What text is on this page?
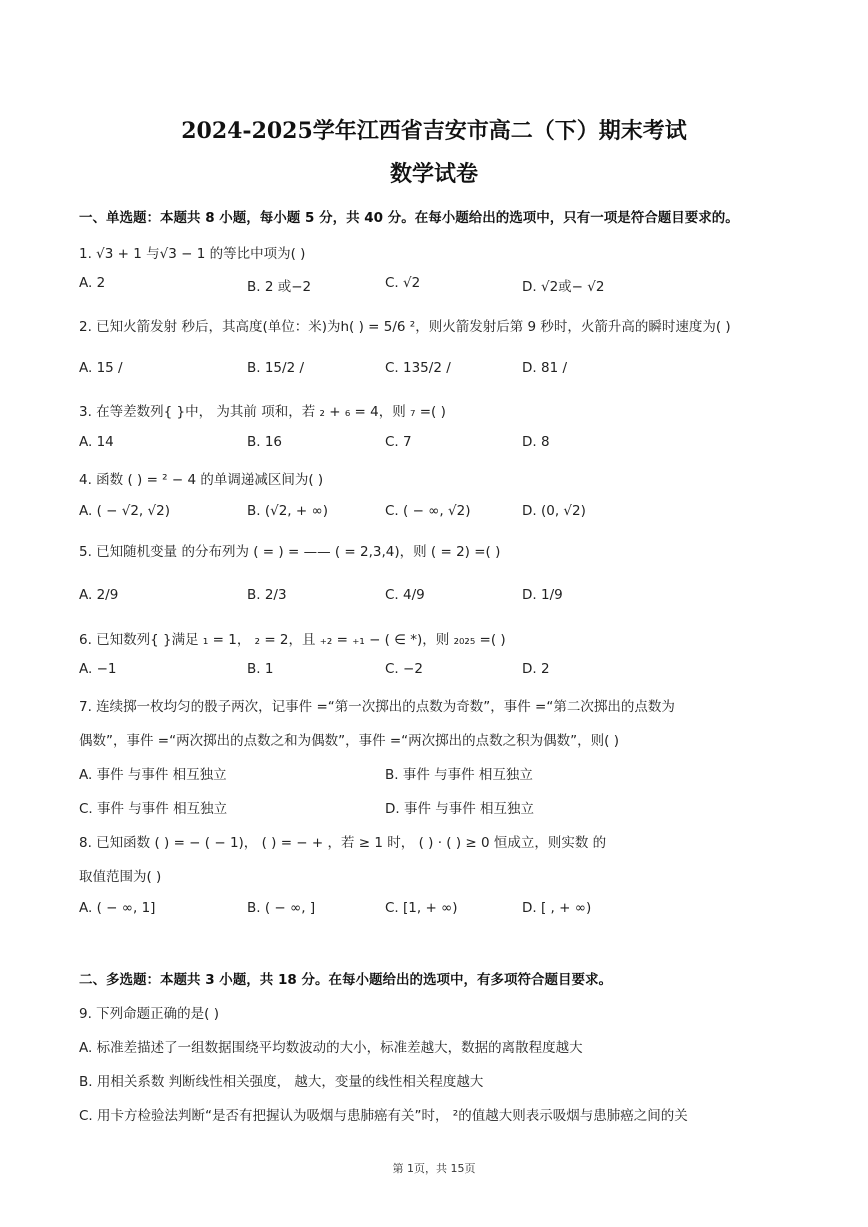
2024-2025学年江西省吉安市高二（下）期末考试
数学试卷
一、单选题：本题共 8 小题，每小题 5 分，共 40 分。在每小题给出的选项中，只有一项是符合题目要求的。
1. √3 + 1 与√3 − 1 的等比中项为( )
A. 2	B. 2 或−2	C. √2	D. √2或− √2
2. 已知火箭发射 秒后，其高度(单位：米)为h( ) = 5/6 ²，则火箭发射后第 9 秒时，火箭升高的瞬时速度为( )
A. 15 /	B. 15/2 /	C. 135/2 /	D. 81 /
3. 在等差数列{ }中， 为其前 项和，若 ₂ + ₆ = 4，则 ₇ =( )
A. 14	B. 16	C. 7	D. 8
4. 函数 ( ) = ² − 4 的单调递减区间为( )
A. ( − √2, √2)	B. (√2, + ∞)	C. ( − ∞, √2)	D. (0, √2)
5. 已知随机变量 的分布列为 ( = ) = —— ( = 2,3,4)，则 ( = 2) =( )
A. 2/9	B. 2/3	C. 4/9	D. 1/9
6. 已知数列{ }满足 ₁ = 1， ₂ = 2，且 ₊₂ = ₊₁ − ( ∈ *)，则 ₂₀₂₅ =( )
A. −1	B. 1	C. −2	D. 2
7. 连续掷一枚均匀的骰子两次，记事件 =“第一次掷出的点数为奇数”，事件 =“第二次掷出的点数为
偶数”，事件 =“两次掷出的点数之和为偶数”，事件 =“两次掷出的点数之积为偶数”，则( )
A. 事件 与事件 相互独立	B. 事件 与事件 相互独立
C. 事件 与事件 相互独立	D. 事件 与事件 相互独立
8. 已知函数 ( ) = − ( − 1)， ( ) = − + ，若 ≥ 1 时， ( ) · ( ) ≥ 0 恒成立，则实数 的
取值范围为( )
A. ( − ∞, 1]	B. ( − ∞, ]	C. [1, + ∞)	D. [ , + ∞)
二、多选题：本题共 3 小题，共 18 分。在每小题给出的选项中，有多项符合题目要求。
9. 下列命题正确的是( )
A. 标准差描述了一组数据围绕平均数波动的大小，标准差越大，数据的离散程度越大
B. 用相关系数 判断线性相关强度， 越大，变量的线性相关程度越大
C. 用卡方检验法判断“是否有把握认为吸烟与患肺癌有关”时， ²的值越大则表示吸烟与患肺癌之间的关
第 1页，共 15页
